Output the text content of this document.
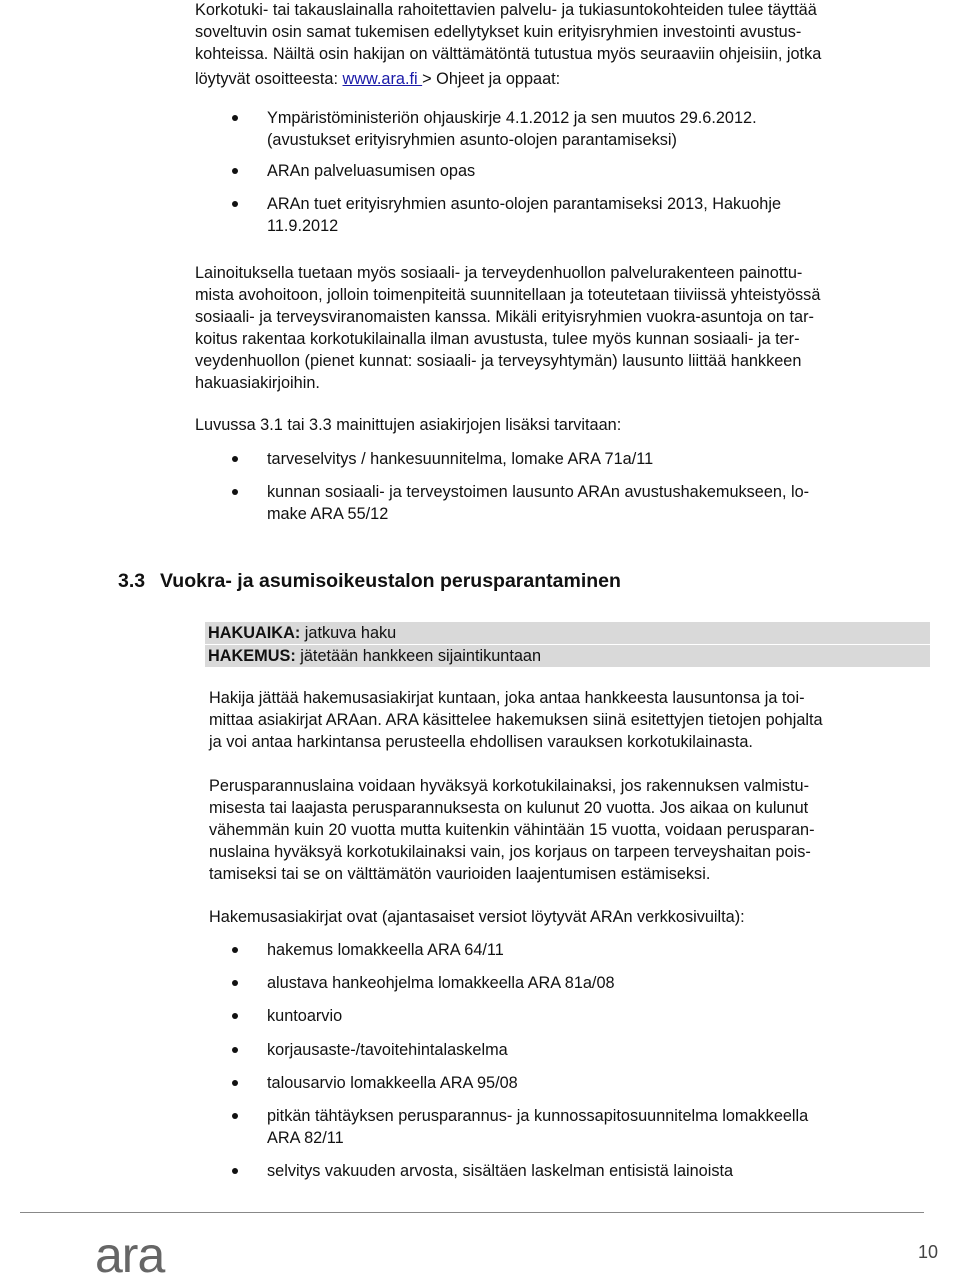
Korkotuki- tai takauslainalla rahoitettavien palvelu- ja tukiasuntokohteiden tulee täyttää
soveltuvin osin samat tukemisen edellytykset kuin erityisryhmien investointi avustus-
kohteissa. Näiltä osin hakijan on välttämätöntä tutustua myös seuraaviin ohjeisiin, jotka
löytyvät osoitteesta: www.ara.fi > Ohjeet ja oppaat:
Ympäristöministeriön ohjauskirje 4.1.2012 ja sen muutos 29.6.2012.
(avustukset erityisryhmien asunto-olojen parantamiseksi)
ARAn palveluasumisen opas
ARAn tuet erityisryhmien asunto-olojen parantamiseksi 2013, Hakuohje
11.9.2012
Lainoituksella tuetaan myös sosiaali- ja terveydenhuollon palvelurakenteen painottu-
mista avohoitoon, jolloin toimenpiteitä suunnitellaan ja toteutetaan tiiviissä yhteistyössä
sosiaali- ja terveysviranomaisten kanssa. Mikäli erityisryhmien vuokra-asuntoja on tar-
koitus rakentaa korkotukilainalla ilman avustusta, tulee myös kunnan sosiaali- ja ter-
veydenhuollon (pienet kunnat: sosiaali- ja terveysyhtymän) lausunto liittää hankkeen
hakuasiakirjoihin.
Luvussa 3.1 tai 3.3 mainittujen asiakirjojen lisäksi tarvitaan:
tarveselvitys / hankesuunnitelma, lomake ARA 71a/11
kunnan sosiaali- ja terveystoimen lausunto ARAn avustushakemukseen, lo-
make ARA 55/12
3.3 Vuokra- ja asumisoikeustalon perusparantaminen
HAKUAIKA: jatkuva haku
HAKEMUS: jätetään hankkeen sijaintikuntaan
Hakija jättää hakemusasiakirjat kuntaan, joka antaa hankkeesta lausuntonsa ja toi-
mittaa asiakirjat ARAan. ARA käsittelee hakemuksen siinä esitettyjen tietojen pohjalta
ja voi antaa harkintansa perusteella ehdollisen varauksen korkotukilainasta.
Perusparannuslaina voidaan hyväksyä korkotukilainaksi, jos rakennuksen valmistu-
misesta tai laajasta perusparannuksesta on kulunut 20 vuotta. Jos aikaa on kulunut
vähemmän kuin 20 vuotta mutta kuitenkin vähintään 15 vuotta, voidaan perusparan-
nuslaina hyväksyä korkotukilainaksi vain, jos korjaus on tarpeen terveyshaitan pois-
tamiseksi tai se on välttämätön vaurioiden laajentumisen estämiseksi.
Hakemusasiakirjat ovat (ajantasaiset versiot löytyvät ARAn verkkosivuilta):
hakemus lomakkeella ARA 64/11
alustava hankeohjelma lomakkeella ARA 81a/08
kuntoarvio
korjausaste-/tavoitehintalaskelma
talousarvio lomakkeella ARA 95/08
pitkän tähtäyksen perusparannus- ja kunnossapitosuunnitelma lomakkeella
ARA 82/11
selvitys vakuuden arvosta, sisältäen laskelman entisistä lainoista
ara	10
